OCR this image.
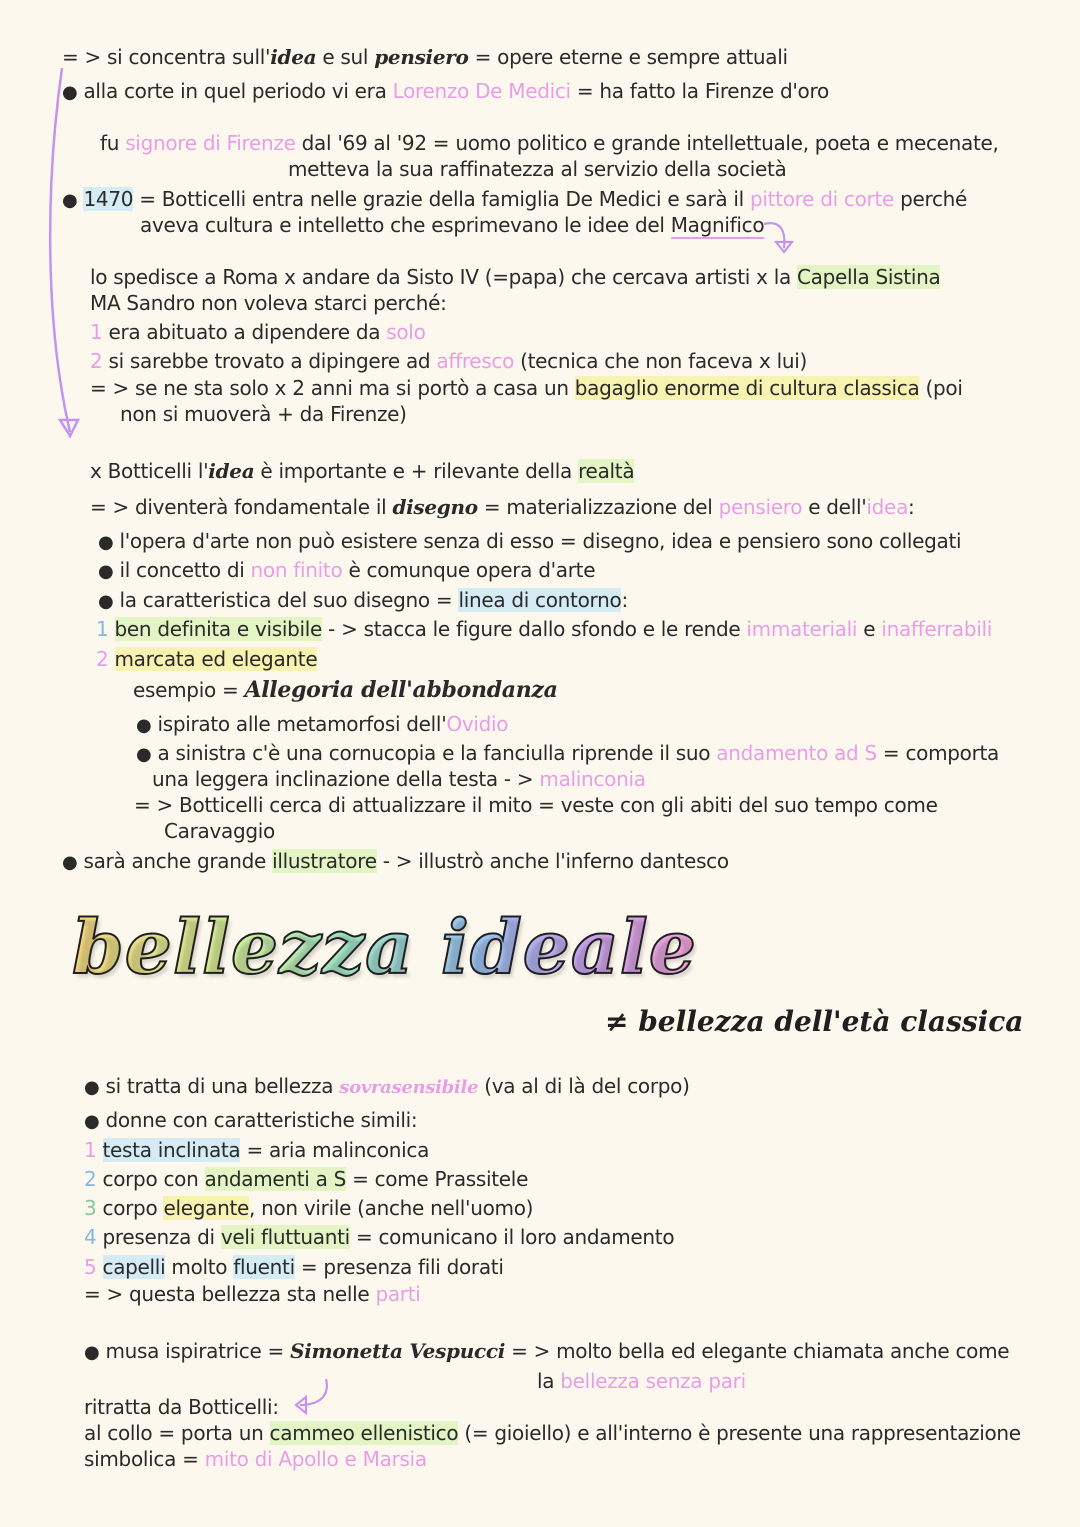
= > si concentra sull'idea e sul pensiero = opere eterne e sempre attuali
● alla corte in quel periodo vi era Lorenzo De Medici = ha fatto la Firenze d'oro
fu signore di Firenze dal '69 al '92 = uomo politico e grande intellettuale, poeta e mecenate,
metteva la sua raffinatezza al servizio della società
● 1470 = Botticelli entra nelle grazie della famiglia De Medici e sarà il pittore di corte perché
aveva cultura e intelletto che esprimevano le idee del Magnifico
lo spedisce a Roma x andare da Sisto IV (=papa) che cercava artisti x la Capella Sistina
MA Sandro non voleva starci perché:
1 era abituato a dipendere da solo
2 si sarebbe trovato a dipingere ad affresco (tecnica che non faceva x lui)
= > se ne sta solo x 2 anni ma si portò a casa un bagaglio enorme di cultura classica (poi
non si muoverà + da Firenze)
x Botticelli l'idea è importante e + rilevante della realtà
= > diventerà fondamentale il disegno = materializzazione del pensiero e dell'idea:
● l'opera d'arte non può esistere senza di esso = disegno, idea e pensiero sono collegati
● il concetto di non finito è comunque opera d'arte
● la caratteristica del suo disegno = linea di contorno:
1 ben definita e visibile - > stacca le figure dallo sfondo e le rende immateriali e inafferrabili
2 marcata ed elegante
esempio = Allegoria dell'abbondanza
● ispirato alle metamorfosi dell'Ovidio
● a sinistra c'è una cornucopia e la fanciulla riprende il suo andamento ad S = comporta
una leggera inclinazione della testa - > malinconia
= > Botticelli cerca di attualizzare il mito = veste con gli abiti del suo tempo come
Caravaggio
● sarà anche grande illustratore - > illustrò anche l'inferno dantesco
bellezza ideale
≠ bellezza dell'età classica
● si tratta di una bellezza sovrasensibile (va al di là del corpo)
● donne con caratteristiche simili:
1 testa inclinata = aria malinconica
2 corpo con andamenti a S = come Prassitele
3 corpo elegante, non virile (anche nell'uomo)
4 presenza di veli fluttuanti = comunicano il loro andamento
5 capelli molto fluenti = presenza fili dorati
= > questa bellezza sta nelle parti
● musa ispiratrice = Simonetta Vespucci = > molto bella ed elegante chiamata anche come
la bellezza senza pari
ritratta da Botticelli:
al collo = porta un cammeo ellenistico (= gioiello) e all'interno è presente una rappresentazione
simbolica = mito di Apollo e Marsia
